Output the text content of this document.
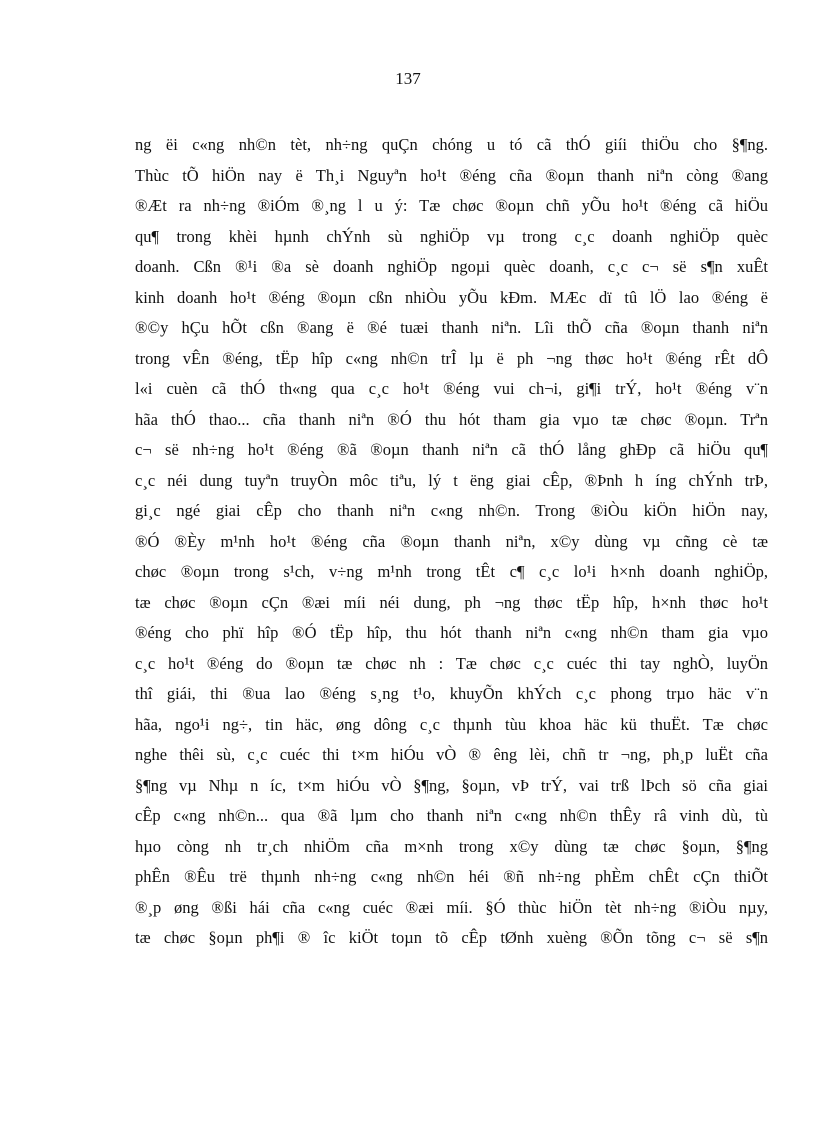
137
ng ëi c«ng nh©n tèt, nh÷ng quÇn chóng u tó cã thÓ giíi thiÖu cho §¶ng.
Thùc tÕ hiÖn nay ë Th¸i Nguyªn ho¹t ®éng cña ®oµn thanh niªn còng ®ang
®Æt ra nh÷ng ®iÓm ®¸ng l u ý: Tæ chøc ®oµn chñ yÕu ho¹t ®éng cã hiÖu
qu¶ trong khèi hµnh chÝnh sù nghiÖp vµ trong c¸c doanh nghiÖp quèc
doanh. Cßn ®¹i ®a sè doanh nghiÖp ngoµi quèc doanh, c¸c c¬ së s¶n xuÊt
kinh doanh ho¹t ®éng ®oµn cßn nhiÒu yÕu kÐm. MÆc dï tû lÖ lao ®éng ë
®©y hÇu hÕt cßn ®ang ë ®é tuæi thanh niªn. Lîi thÕ cña ®oµn thanh niªn
trong vÊn ®éng, tËp hîp c«ng nh©n trÎ lµ ë ph ¬ng thøc ho¹t ®éng rÊt dÔ
l«i cuèn cã thÓ th«ng qua c¸c ho¹t ®éng vui ch¬i, gi¶i trÝ, ho¹t ®éng v¨n
hãa thÓ thao... cña thanh niªn ®Ó thu hót tham gia vµo tæ chøc ®oµn. Trªn
c¬ së nh÷ng ho¹t ®éng ®ã ®oµn thanh niªn cã thÓ lång ghÐp cã hiÖu qu¶
c¸c néi dung tuyªn truyÒn môc tiªu, lý t ëng giai cÊp, ®Þnh h íng chÝnh trÞ,
gi¸c ngé giai cÊp cho thanh niªn c«ng nh©n. Trong ®iÒu kiÖn hiÖn nay,
®Ó ®Èy m¹nh ho¹t ®éng cña ®oµn thanh niªn, x©y dùng vµ cñng cè tæ
chøc ®oµn trong s¹ch, v÷ng m¹nh trong tÊt c¶ c¸c lo¹i h×nh doanh nghiÖp,
tæ chøc ®oµn cÇn ®æi míi néi dung, ph ¬ng thøc tËp hîp, h×nh thøc ho¹t
®éng cho phï hîp ®Ó tËp hîp, thu hót thanh niªn c«ng nh©n tham gia vµo
c¸c ho¹t ®éng do ®oµn tæ chøc nh : Tæ chøc c¸c cuéc thi tay nghÒ, luyÖn
thî giái, thi ®ua lao ®éng s¸ng t¹o, khuyÕn khÝch c¸c phong trµo häc v¨n
hãa, ngo¹i ng÷, tin häc, øng dông c¸c thµnh tùu khoa häc kü thuËt. Tæ chøc
nghe thêi sù, c¸c cuéc thi t×m hiÓu vÒ ® êng lèi, chñ tr ¬ng, ph¸p luËt cña
§¶ng vµ Nhµ n íc, t×m hiÓu vÒ §¶ng, §oµn, vÞ trÝ, vai trß lÞch sö cña giai
cÊp c«ng nh©n... qua ®ã lµm cho thanh niªn c«ng nh©n thÊy râ vinh dù, tù
hµo còng nh tr¸ch nhiÖm cña m×nh trong x©y dùng tæ chøc §oµn, §¶ng
phÊn ®Êu trë thµnh nh÷ng c«ng nh©n héi ®ñ nh÷ng phÈm chÊt cÇn thiÕt
®¸p øng ®ßi hái cña c«ng cuéc ®æi míi. §Ó thùc hiÖn tèt nh÷ng ®iÒu nµy,
tæ chøc §oµn ph¶i ® îc kiÖt toµn tõ cÊp tØnh xuèng ®Õn tõng c¬ së s¶n
